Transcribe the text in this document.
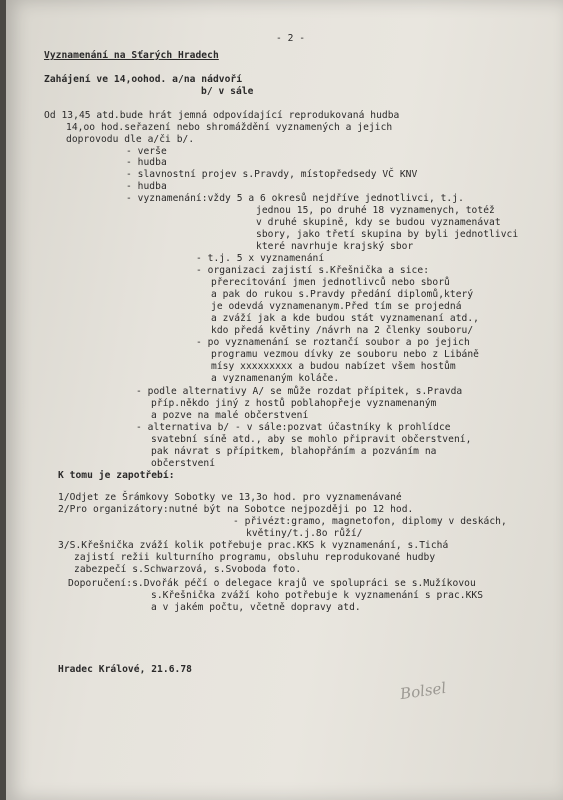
- 2 -
Vyznamenání na Sťarých Hradech
Zahájení ve 14,oohod. a/na nádvoří
b/ v sále
Od 13,45 atd.bude hrát jemná odpovídající reprodukovaná hudba
14,oo hod.seřazení nebo shromáždění vyznamených a jejich
doprovodu dle a/či b/.
- verše
- hudba
- slavnostní projev s.Pravdy, místopředsedy VČ KNV
- hudba
- vyznamenání:vždy 5 a 6 okresů nejdříve jednotlivci, t.j.
jednou 15, po druhé 18 vyznamenych, totéž
v druhé skupině, kdy se budou vyznamenávat
sbory, jako třetí skupina by byli jednotlivci
které navrhuje krajský sbor
- t.j. 5 x vyznamenání
- organizaci zajistí s.Křešnička a sice:
přerecitování jmen jednotlivců nebo sborů
a pak do rukou s.Pravdy předání diplomů,který
je odevdá vyznamenanym.Před tím se projedná
a zváží jak a kde budou stát vyznamenaní atd.,
kdo předá květiny /návrh na 2 členky souboru/
- po vyznamenání se roztančí soubor a po jejich
programu vezmou dívky ze souboru nebo z Libáně
mísy xxxxxxxxx a budou nabízet všem hostům
a vyznamenaným koláče.
- podle alternativy A/ se může rozdat přípitek, s.Pravda
příp.někdo jiný z hostů poblahopřeje vyznamenaným
a pozve na malé občerstvení
- alternativa b/ - v sále:pozvat účastníky k prohlídce
svatební síně atd., aby se mohlo připravit občerstvení,
pak návrat s přípitkem, blahopřáním a pozváním na
občerstvení
K tomu je zapotřebí:
1/Odjet ze Šrámkovy Sobotky ve 13,3o hod. pro vyznamenávané
2/Pro organizátory:nutné být na Sobotce nejpozději po 12 hod.
- přivézt:gramo, magnetofon, diplomy v deskách,
květiny/t.j.8o růží/
3/S.Křešnička zváží kolik potřebuje prac.KKS k vyznamenání, s.Tichá
zajistí režii kulturního programu, obsluhu reprodukované hudby
zabezpečí s.Schwarzová, s.Svoboda foto.
Doporučení:s.Dvořák péčí o delegace krajů ve spolupráci se s.Mužíkovou
s.Křešnička zváží koho potřebuje k vyznamenání s prac.KKS
a v jakém počtu, včetně dopravy atd.
Hradec Králové, 21.6.78
Bolsel
